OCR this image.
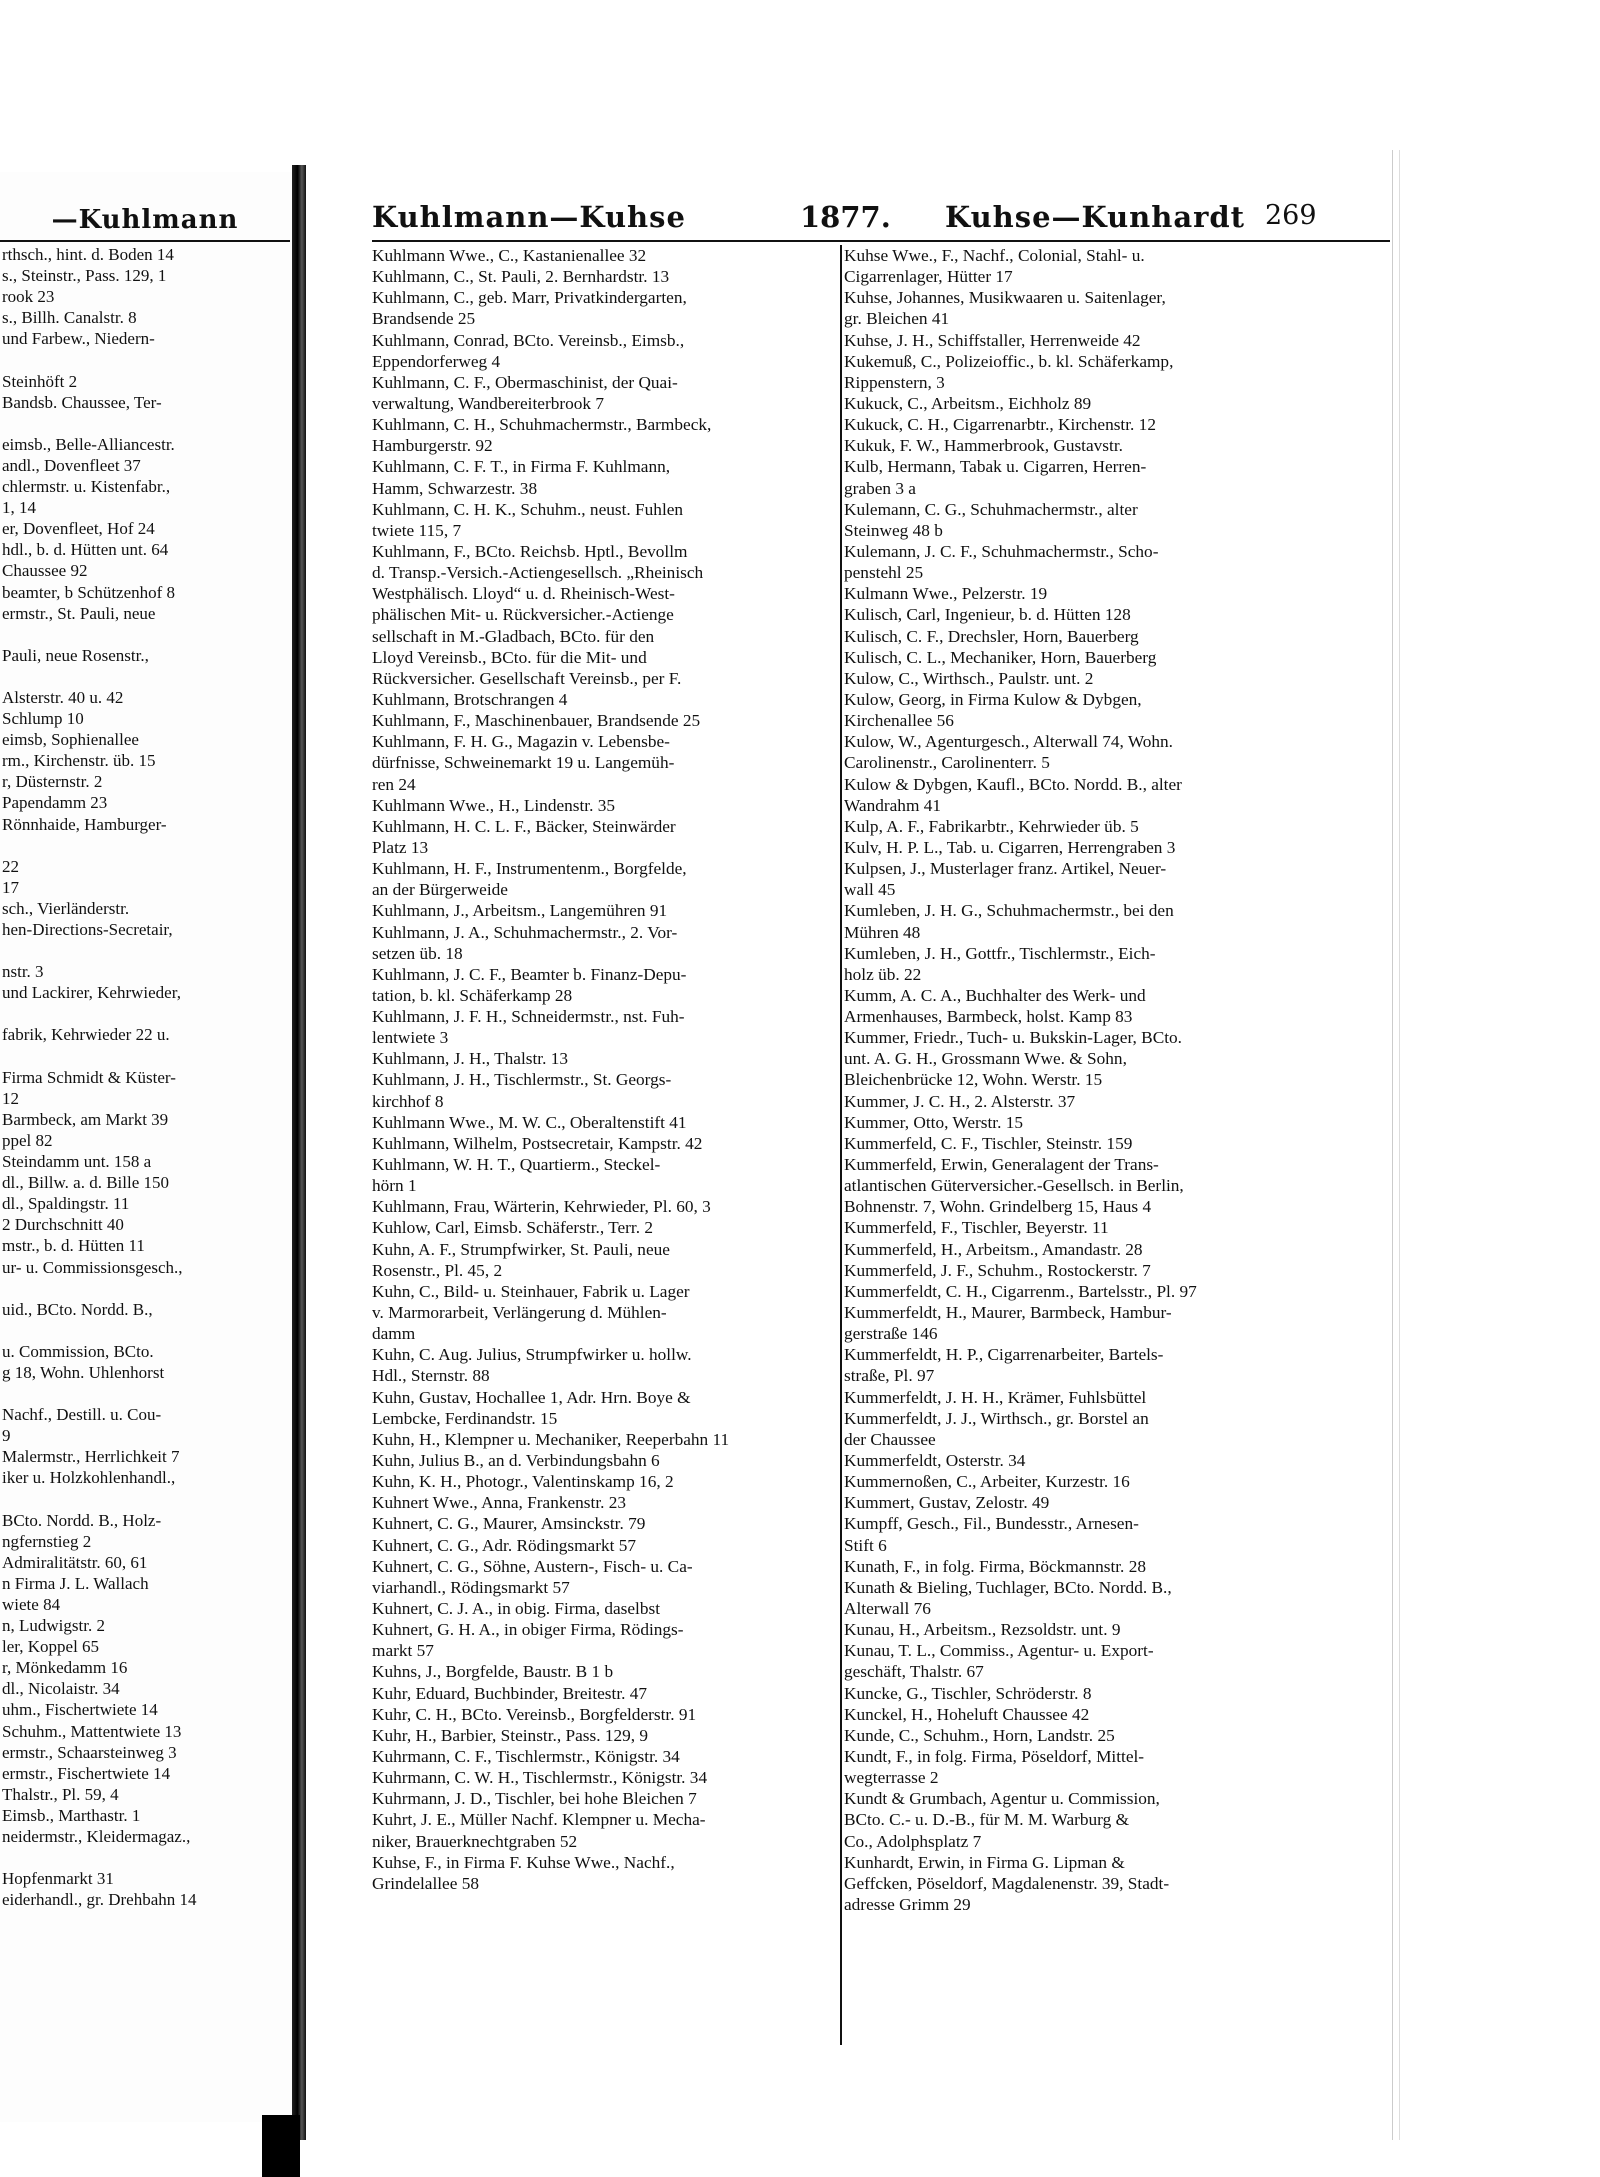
—Kuhlmann
rthsch., hint. d. Boden 14
s., Steinstr., Pass. 129, 1
rook 23
s., Billh. Canalstr. 8
und Farbew., Niedern-
Steinhöft 2
Bandsb. Chaussee, Ter-
eimsb., Belle-Alliancestr.
andl., Dovenfleet 37
chlermstr. u. Kistenfabr.,
1, 14
er, Dovenfleet, Hof 24
hdl., b. d. Hütten unt. 64
Chaussee 92
beamter, b Schützenhof 8
ermstr., St. Pauli, neue
Pauli, neue Rosenstr.,
Alsterstr. 40 u. 42
Schlump 10
eimsb, Sophienallee
rm., Kirchenstr. üb. 15
r, Düsternstr. 2
Papendamm 23
Rönnhaide, Hamburger-
22
17
sch., Vierländerstr.
hen-Directions-Secretair,
nstr. 3
und Lackirer, Kehrwieder,
fabrik, Kehrwieder 22 u.
Firma Schmidt & Küster-
12
Barmbeck, am Markt 39
ppel 82
Steindamm unt. 158 a
dl., Billw. a. d. Bille 150
dl., Spaldingstr. 11
2 Durchschnitt 40
mstr., b. d. Hütten 11
ur- u. Commissionsgesch.,
uid., BCto. Nordd. B.,
u. Commission, BCto.
g 18, Wohn. Uhlenhorst
Nachf., Destill. u. Cou-
9
Malermstr., Herrlichkeit 7
iker u. Holzkohlenhandl.,
BCto. Nordd. B., Holz-
ngfernstieg 2
Admiralitätstr. 60, 61
n Firma J. L. Wallach
wiete 84
n, Ludwigstr. 2
ler, Koppel 65
r, Mönkedamm 16
dl., Nicolaistr. 34
uhm., Fischertwiete 14
Schuhm., Mattentwiete 13
ermstr., Schaarsteinweg 3
ermstr., Fischertwiete 14
Thalstr., Pl. 59, 4
Eimsb., Marthastr. 1
neidermstr., Kleidermagaz.,
Hopfenmarkt 31
eiderhandl., gr. Drehbahn 14
Kuhlmann—Kuhse	1877. Kuhse—Kunhardt 269
Kuhlmann Wwe., C., Kastanienallee 32
Kuhlmann, C., St. Pauli, 2. Bernhardstr. 13
Kuhlmann, C., geb. Marr, Privatkindergarten,
Brandsende 25
Kuhlmann, Conrad, BCto. Vereinsb., Eimsb.,
Eppendorferweg 4
Kuhlmann, C. F., Obermaschinist, der Quai-
verwaltung, Wandbereiterbrook 7
Kuhlmann, C. H., Schuhmachermstr., Barmbeck,
Hamburgerstr. 92
Kuhlmann, C. F. T., in Firma F. Kuhlmann,
Hamm, Schwarzestr. 38
Kuhlmann, C. H. K., Schuhm., neust. Fuhlen
twiete 115, 7
Kuhlmann, F., BCto. Reichsb. Hptl., Bevollm
d. Transp.-Versich.-Actiengesellsch. „Rheinisch
Westphälisch. Lloyd“ u. d. Rheinisch-West-
phälischen Mit- u. Rückversicher.-Actienge
sellschaft in M.-Gladbach, BCto. für den
Lloyd Vereinsb., BCto. für die Mit- und
Rückversicher. Gesellschaft Vereinsb., per F.
Kuhlmann, Brotschrangen 4
Kuhlmann, F., Maschinenbauer, Brandsende 25
Kuhlmann, F. H. G., Magazin v. Lebensbe-
dürfnisse, Schweinemarkt 19 u. Langemüh-
ren 24
Kuhlmann Wwe., H., Lindenstr. 35
Kuhlmann, H. C. L. F., Bäcker, Steinwärder
Platz 13
Kuhlmann, H. F., Instrumentenm., Borgfelde,
an der Bürgerweide
Kuhlmann, J., Arbeitsm., Langemühren 91
Kuhlmann, J. A., Schuhmachermstr., 2. Vor-
setzen üb. 18
Kuhlmann, J. C. F., Beamter b. Finanz-Depu-
tation, b. kl. Schäferkamp 28
Kuhlmann, J. F. H., Schneidermstr., nst. Fuh-
lentwiete 3
Kuhlmann, J. H., Thalstr. 13
Kuhlmann, J. H., Tischlermstr., St. Georgs-
kirchhof 8
Kuhlmann Wwe., M. W. C., Oberaltenstift 41
Kuhlmann, Wilhelm, Postsecretair, Kampstr. 42
Kuhlmann, W. H. T., Quartierm., Steckel-
hörn 1
Kuhlmann, Frau, Wärterin, Kehrwieder, Pl. 60, 3
Kuhlow, Carl, Eimsb. Schäferstr., Terr. 2
Kuhn, A. F., Strumpfwirker, St. Pauli, neue
Rosenstr., Pl. 45, 2
Kuhn, C., Bild- u. Steinhauer, Fabrik u. Lager
v. Marmorarbeit, Verlängerung d. Mühlen-
damm
Kuhn, C. Aug. Julius, Strumpfwirker u. hollw.
Hdl., Sternstr. 88
Kuhn, Gustav, Hochallee 1, Adr. Hrn. Boye &
Lembcke, Ferdinandstr. 15
Kuhn, H., Klempner u. Mechaniker, Reeperbahn 11
Kuhn, Julius B., an d. Verbindungsbahn 6
Kuhn, K. H., Photogr., Valentinskamp 16, 2
Kuhnert Wwe., Anna, Frankenstr. 23
Kuhnert, C. G., Maurer, Amsinckstr. 79
Kuhnert, C. G., Adr. Rödingsmarkt 57
Kuhnert, C. G., Söhne, Austern-, Fisch- u. Ca-
viarhandl., Rödingsmarkt 57
Kuhnert, C. J. A., in obig. Firma, daselbst
Kuhnert, G. H. A., in obiger Firma, Rödings-
markt 57
Kuhns, J., Borgfelde, Baustr. B 1 b
Kuhr, Eduard, Buchbinder, Breitestr. 47
Kuhr, C. H., BCto. Vereinsb., Borgfelderstr. 91
Kuhr, H., Barbier, Steinstr., Pass. 129, 9
Kuhrmann, C. F., Tischlermstr., Königstr. 34
Kuhrmann, C. W. H., Tischlermstr., Königstr. 34
Kuhrmann, J. D., Tischler, bei hohe Bleichen 7
Kuhrt, J. E., Müller Nachf. Klempner u. Mecha-
niker, Brauerknechtgraben 52
Kuhse, F., in Firma F. Kuhse Wwe., Nachf.,
Grindelallee 58
Kuhse Wwe., F., Nachf., Colonial, Stahl- u.
Cigarrenlager, Hütter 17
Kuhse, Johannes, Musikwaaren u. Saitenlager,
gr. Bleichen 41
Kuhse, J. H., Schiffstaller, Herrenweide 42
Kukemuß, C., Polizeioffic., b. kl. Schäferkamp,
Rippenstern, 3
Kukuck, C., Arbeitsm., Eichholz 89
Kukuck, C. H., Cigarrenarbtr., Kirchenstr. 12
Kukuk, F. W., Hammerbrook, Gustavstr.
Kulb, Hermann, Tabak u. Cigarren, Herren-
graben 3 a
Kulemann, C. G., Schuhmachermstr., alter
Steinweg 48 b
Kulemann, J. C. F., Schuhmachermstr., Scho-
penstehl 25
Kulmann Wwe., Pelzerstr. 19
Kulisch, Carl, Ingenieur, b. d. Hütten 128
Kulisch, C. F., Drechsler, Horn, Bauerberg
Kulisch, C. L., Mechaniker, Horn, Bauerberg
Kulow, C., Wirthsch., Paulstr. unt. 2
Kulow, Georg, in Firma Kulow & Dybgen,
Kirchenallee 56
Kulow, W., Agenturgesch., Alterwall 74, Wohn.
Carolinenstr., Carolinenterr. 5
Kulow & Dybgen, Kaufl., BCto. Nordd. B., alter
Wandrahm 41
Kulp, A. F., Fabrikarbtr., Kehrwieder üb. 5
Kulv, H. P. L., Tab. u. Cigarren, Herrengraben 3
Kulpsen, J., Musterlager franz. Artikel, Neuer-
wall 45
Kumleben, J. H. G., Schuhmachermstr., bei den
Mühren 48
Kumleben, J. H., Gottfr., Tischlermstr., Eich-
holz üb. 22
Kumm, A. C. A., Buchhalter des Werk- und
Armenhauses, Barmbeck, holst. Kamp 83
Kummer, Friedr., Tuch- u. Bukskin-Lager, BCto.
unt. A. G. H., Grossmann Wwe. & Sohn,
Bleichenbrücke 12, Wohn. Werstr. 15
Kummer, J. C. H., 2. Alsterstr. 37
Kummer, Otto, Werstr. 15
Kummerfeld, C. F., Tischler, Steinstr. 159
Kummerfeld, Erwin, Generalagent der Trans-
atlantischen Güterversicher.-Gesellsch. in Berlin,
Bohnenstr. 7, Wohn. Grindelberg 15, Haus 4
Kummerfeld, F., Tischler, Beyerstr. 11
Kummerfeld, H., Arbeitsm., Amandastr. 28
Kummerfeld, J. F., Schuhm., Rostockerstr. 7
Kummerfeldt, C. H., Cigarrenm., Bartelsstr., Pl. 97
Kummerfeldt, H., Maurer, Barmbeck, Hambur-
gerstraße 146
Kummerfeldt, H. P., Cigarrenarbeiter, Bartels-
straße, Pl. 97
Kummerfeldt, J. H. H., Krämer, Fuhlsbüttel
Kummerfeldt, J. J., Wirthsch., gr. Borstel an
der Chaussee
Kummerfeldt, Osterstr. 34
Kummernoßen, C., Arbeiter, Kurzestr. 16
Kummert, Gustav, Zelostr. 49
Kumpff, Gesch., Fil., Bundesstr., Arnesen-
Stift 6
Kunath, F., in folg. Firma, Böckmannstr. 28
Kunath & Bieling, Tuchlager, BCto. Nordd. B.,
Alterwall 76
Kunau, H., Arbeitsm., Rezsoldstr. unt. 9
Kunau, T. L., Commiss., Agentur- u. Export-
geschäft, Thalstr. 67
Kuncke, G., Tischler, Schröderstr. 8
Kunckel, H., Hoheluft Chaussee 42
Kunde, C., Schuhm., Horn, Landstr. 25
Kundt, F., in folg. Firma, Pöseldorf, Mittel-
wegterrasse 2
Kundt & Grumbach, Agentur u. Commission,
BCto. C.- u. D.-B., für M. M. Warburg &
Co., Adolphsplatz 7
Kunhardt, Erwin, in Firma G. Lipman &
Geffcken, Pöseldorf, Magdalenenstr. 39, Stadt-
adresse Grimm 29
